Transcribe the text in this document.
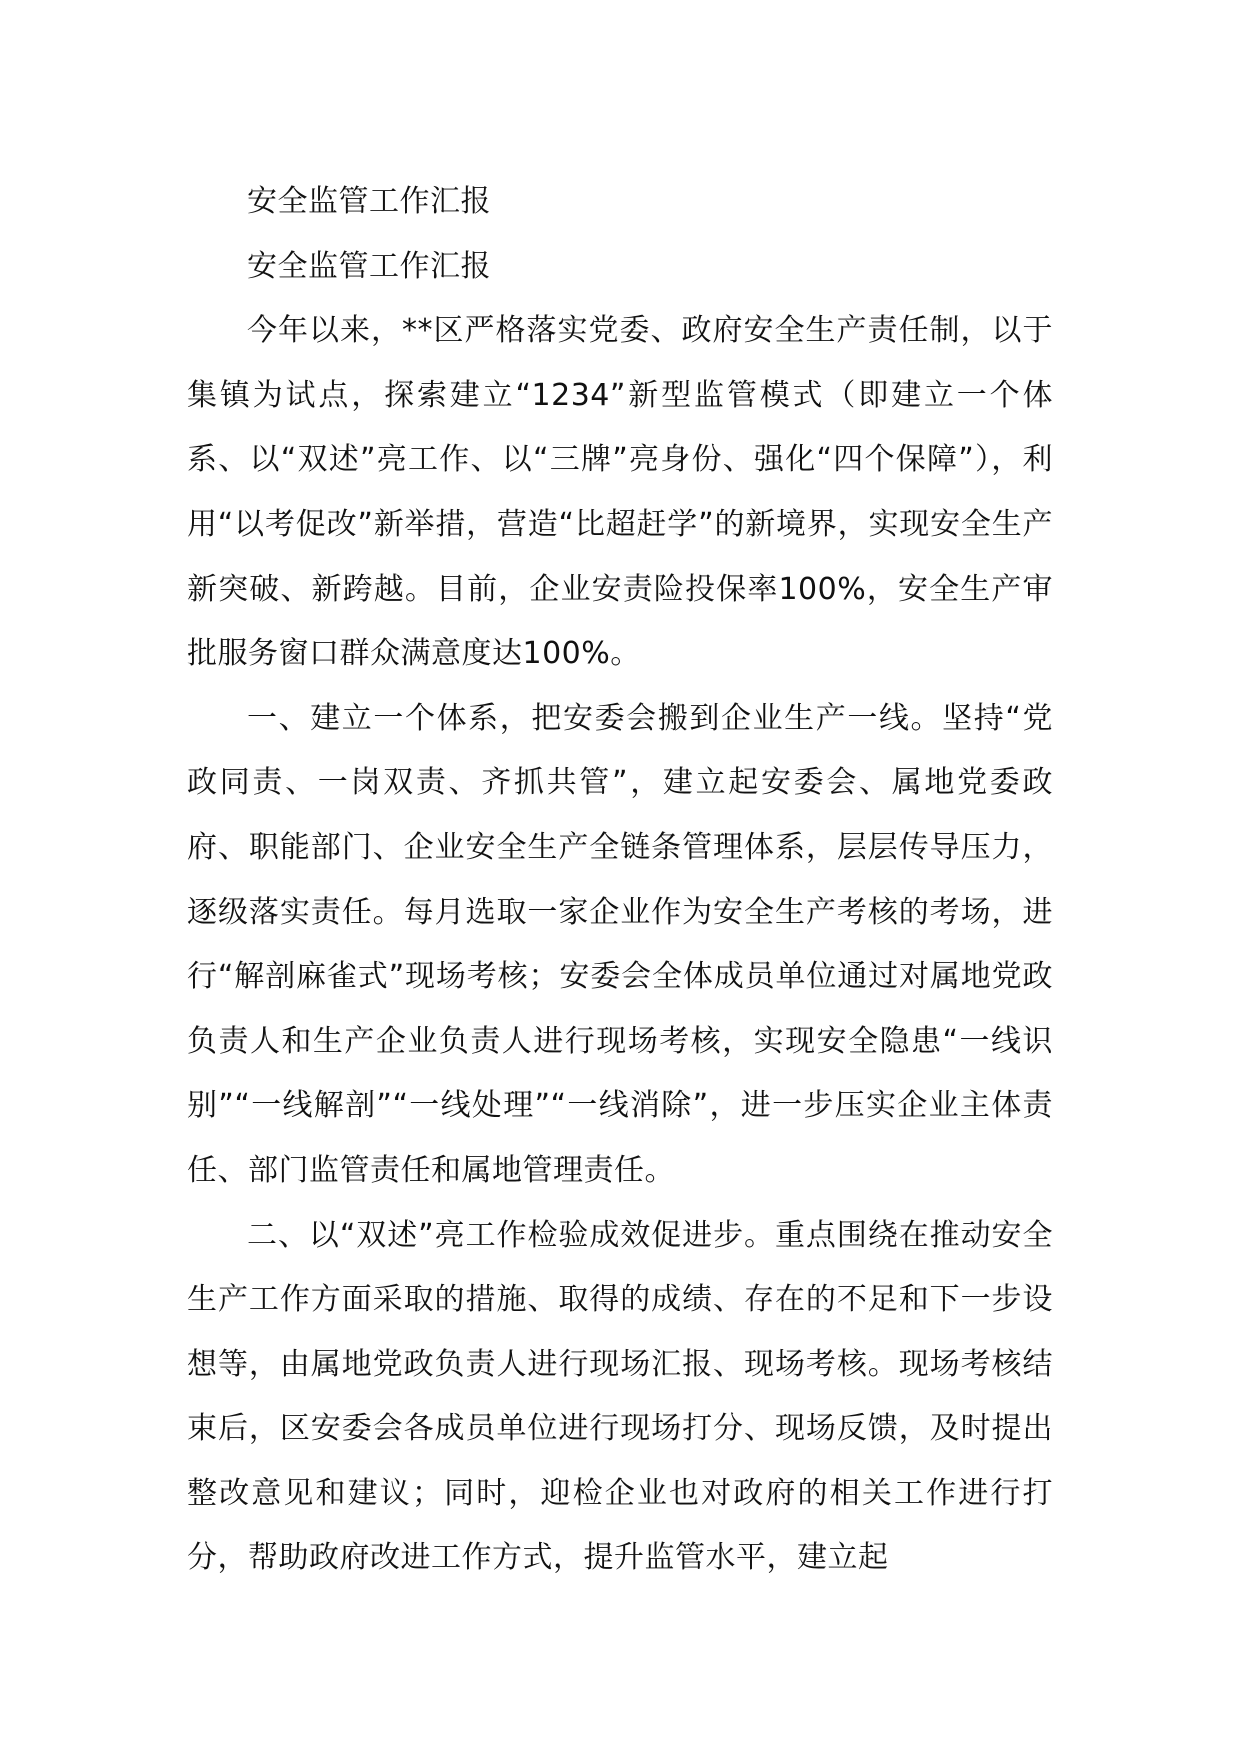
安全监管工作汇报

安全监管工作汇报

今年以来，**区严格落实党委、政府安全生产责任制，以于集镇为试点，探索建立“1234”新型监管模式（即建立一个体系、以“双述”亮工作、以“三牌”亮身份、强化“四个保障”），利用“以考促改”新举措，营造“比超赶学”的新境界，实现安全生产新突破、新跨越。目前，企业安责险投保率100%，安全生产审批服务窗口群众满意度达100%。

一、建立一个体系，把安委会搬到企业生产一线。坚持“党政同责、一岗双责、齐抓共管”，建立起安委会、属地党委政府、职能部门、企业安全生产全链条管理体系，层层传导压力，逐级落实责任。每月选取一家企业作为安全生产考核的考场，进行“解剖麻雀式”现场考核；安委会全体成员单位通过对属地党政负责人和生产企业负责人进行现场考核，实现安全隐患“一线识别”“一线解剖”“一线处理”“一线消除”，进一步压实企业主体责任、部门监管责任和属地管理责任。

二、以“双述”亮工作检验成效促进步。重点围绕在推动安全生产工作方面采取的措施、取得的成绩、存在的不足和下一步设想等，由属地党政负责人进行现场汇报、现场考核。现场考核结束后，区安委会各成员单位进行现场打分、现场反馈，及时提出整改意见和建议；同时，迎检企业也对政府的相关工作进行打分，帮助政府改进工作方式，提升监管水平，建立起
